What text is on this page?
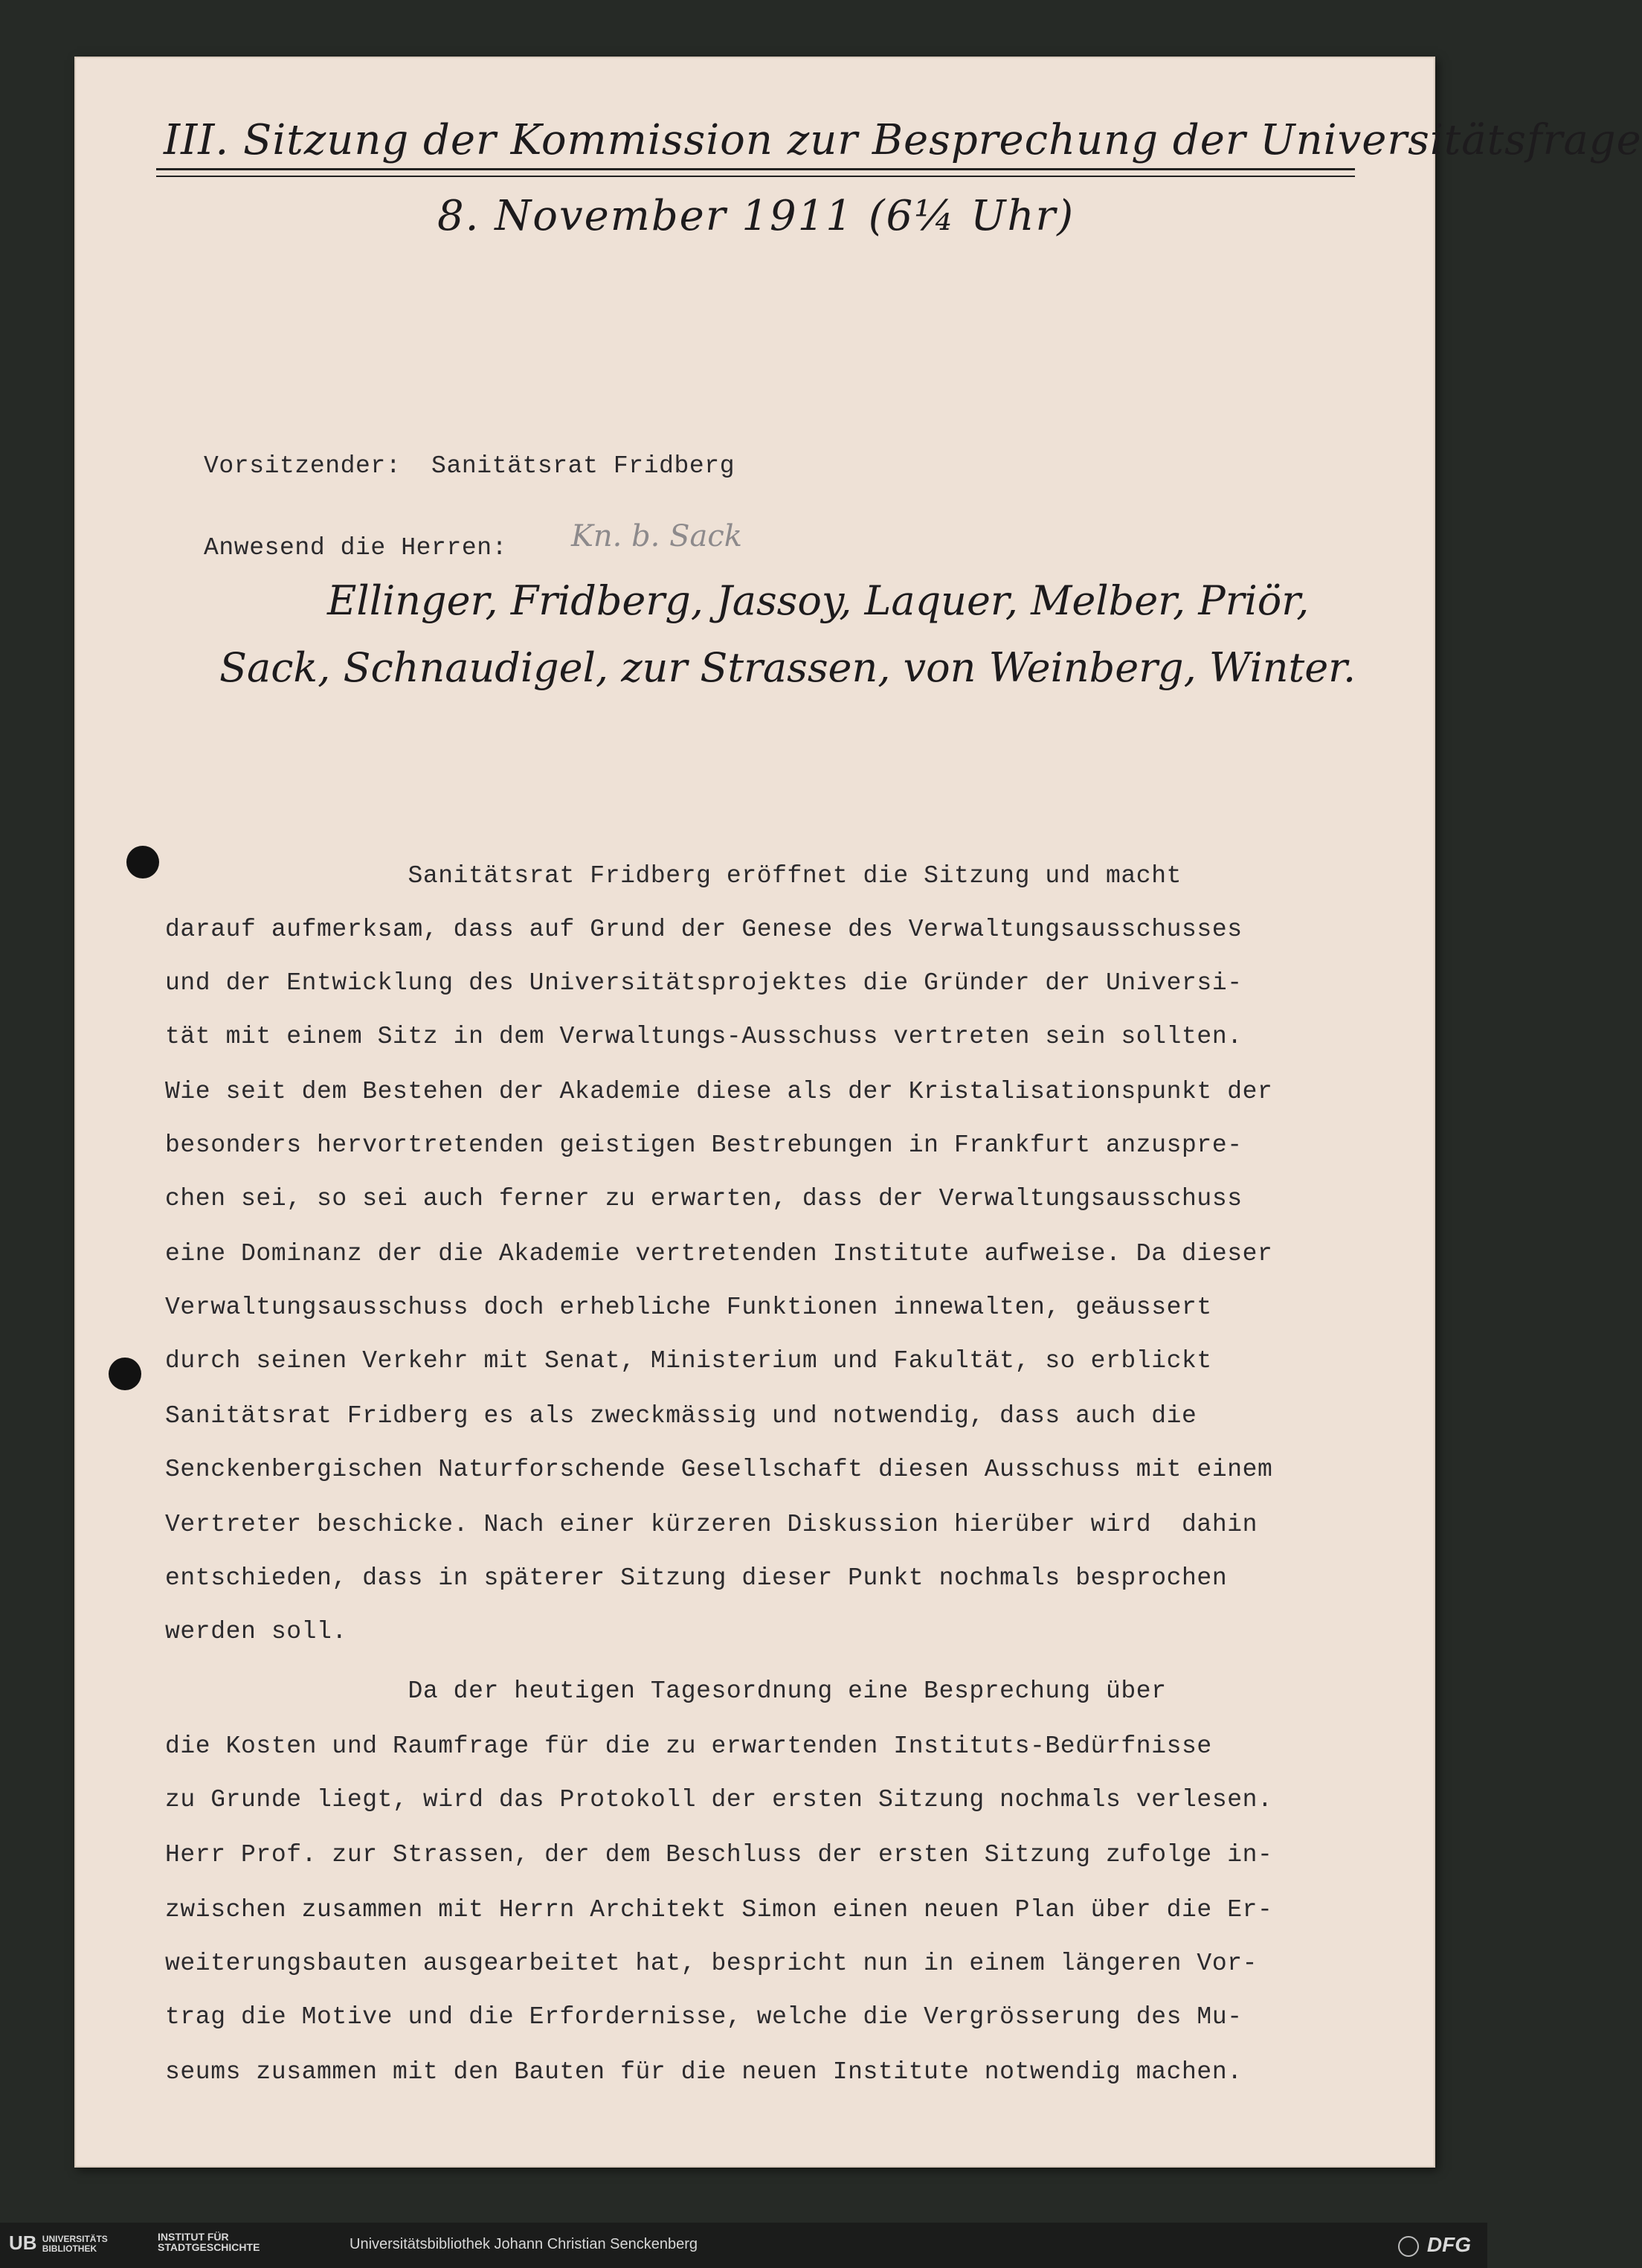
III. Sitzung der Kommission zur Besprechung der Universitätsfrage
8. November 1911 (6¼ Uhr)
Vorsitzender:  Sanitätsrat Fridberg
Anwesend die Herren: Kn. b. Sack
Ellinger, Fridberg, Jassoy, Laquer, Melber, Priör,
Sack, Schnaudigel, zur Strassen, von Weinberg, Winter.
Sanitätsrat Fridberg eröffnet die Sitzung und macht
darauf aufmerksam, dass auf Grund der Genese des Verwaltungsausschusses
und der Entwicklung des Universitätsprojektes die Gründer der Universi-
tät mit einem Sitz in dem Verwaltungs-Ausschuss vertreten sein sollten.
Wie seit dem Bestehen der Akademie diese als der Kristalisationspunkt der
besonders hervortretenden geistigen Bestrebungen in Frankfurt anzuspre-
chen sei, so sei auch ferner zu erwarten, dass der Verwaltungsausschuss
eine Dominanz der die Akademie vertretenden Institute aufweise. Da dieser
Verwaltungsausschuss doch erhebliche Funktionen innewalten, geäussert
durch seinen Verkehr mit Senat, Ministerium und Fakultät, so erblickt
Sanitätsrat Fridberg es als zweckmässig und notwendig, dass auch die
Senckenbergischen Naturforschende Gesellschaft diesen Ausschuss mit einem
Vertreter beschicke. Nach einer kürzeren Diskussion hierüber wird  dahin
entschieden, dass in späterer Sitzung dieser Punkt nochmals besprochen
werden soll.
Da der heutigen Tagesordnung eine Besprechung über
die Kosten und Raumfrage für die zu erwartenden Instituts-Bedürfnisse
zu Grunde liegt, wird das Protokoll der ersten Sitzung nochmals verlesen.
Herr Prof. zur Strassen, der dem Beschluss der ersten Sitzung zufolge in-
zwischen zusammen mit Herrn Architekt Simon einen neuen Plan über die Er-
weiterungsbauten ausgearbeitet hat, bespricht nun in einem längeren Vor-
trag die Motive und die Erfordernisse, welche die Vergrösserung des Mu-
seums zusammen mit den Bauten für die neuen Institute notwendig machen.
UB UNIVERSITÄTS
BIBLIOTHEK
INSTITUT FÜR
STADTGESCHICHTE	Universitätsbibliothek Johann Christian Senckenberg	DFG
